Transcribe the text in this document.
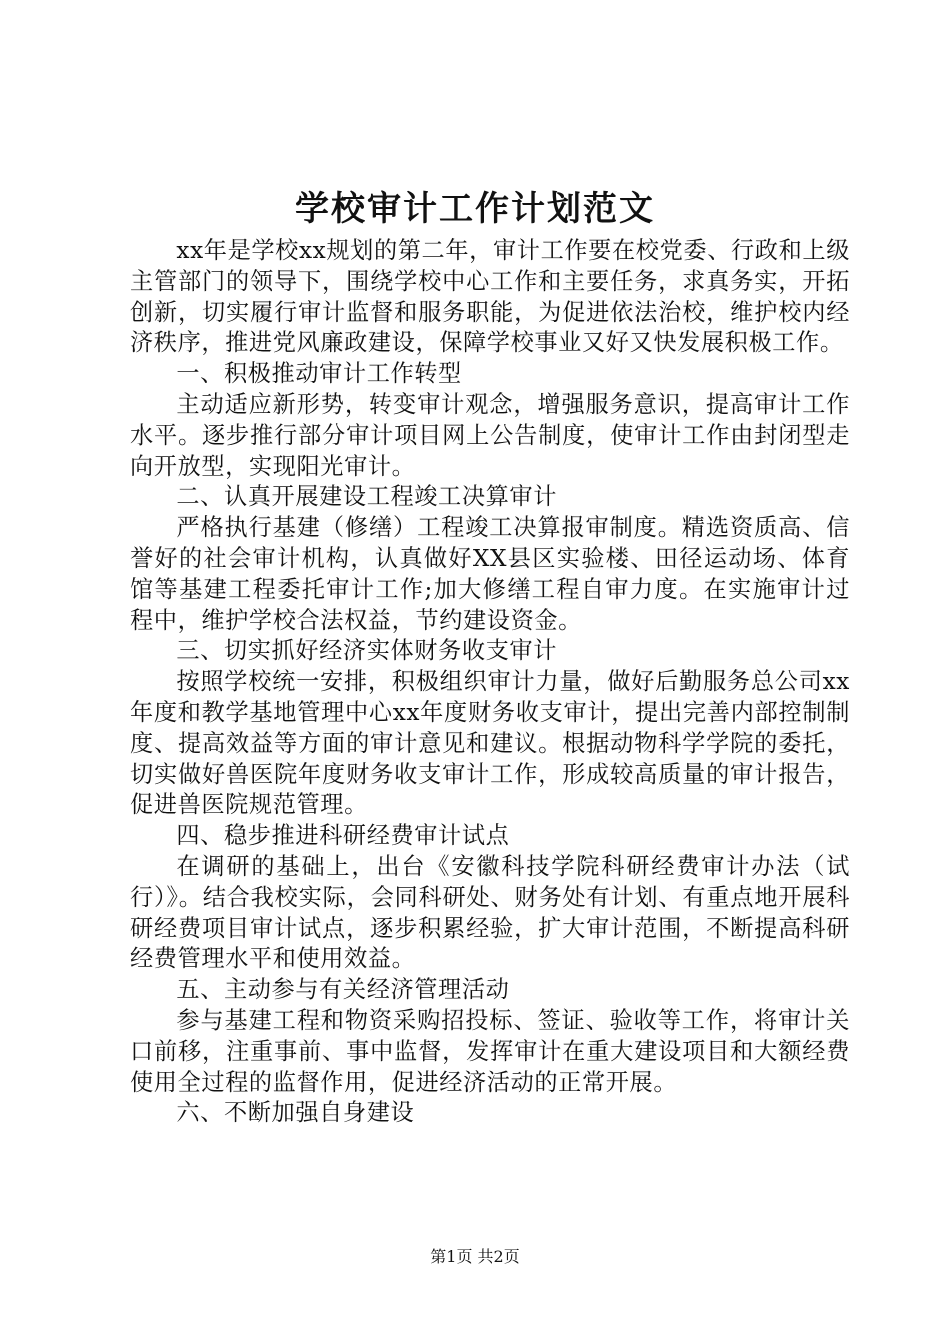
学校审计工作计划范文

xx年是学校xx规划的第二年，审计工作要在校党委、行政和上级主管部门的领导下，围绕学校中心工作和主要任务，求真务实，开拓创新，切实履行审计监督和服务职能，为促进依法治校，维护校内经济秩序，推进党风廉政建设，保障学校事业又好又快发展积极工作。

一、积极推动审计工作转型

主动适应新形势，转变审计观念，增强服务意识，提高审计工作水平。逐步推行部分审计项目网上公告制度，使审计工作由封闭型走向开放型，实现阳光审计。

二、认真开展建设工程竣工决算审计

严格执行基建（修缮）工程竣工决算报审制度。精选资质高、信誉好的社会审计机构，认真做好XX县区实验楼、田径运动场、体育馆等基建工程委托审计工作;加大修缮工程自审力度。在实施审计过程中，维护学校合法权益，节约建设资金。

三、切实抓好经济实体财务收支审计

按照学校统一安排，积极组织审计力量，做好后勤服务总公司xx年度和教学基地管理中心xx年度财务收支审计，提出完善内部控制制度、提高效益等方面的审计意见和建议。根据动物科学学院的委托，切实做好兽医院年度财务收支审计工作，形成较高质量的审计报告，促进兽医院规范管理。

四、稳步推进科研经费审计试点

在调研的基础上，出台《安徽科技学院科研经费审计办法（试行）》。结合我校实际，会同科研处、财务处有计划、有重点地开展科研经费项目审计试点，逐步积累经验，扩大审计范围，不断提高科研经费管理水平和使用效益。

五、主动参与有关经济管理活动

参与基建工程和物资采购招投标、签证、验收等工作，将审计关口前移，注重事前、事中监督，发挥审计在重大建设项目和大额经费使用全过程的监督作用，促进经济活动的正常开展。

六、不断加强自身建设

第1页 共2页
